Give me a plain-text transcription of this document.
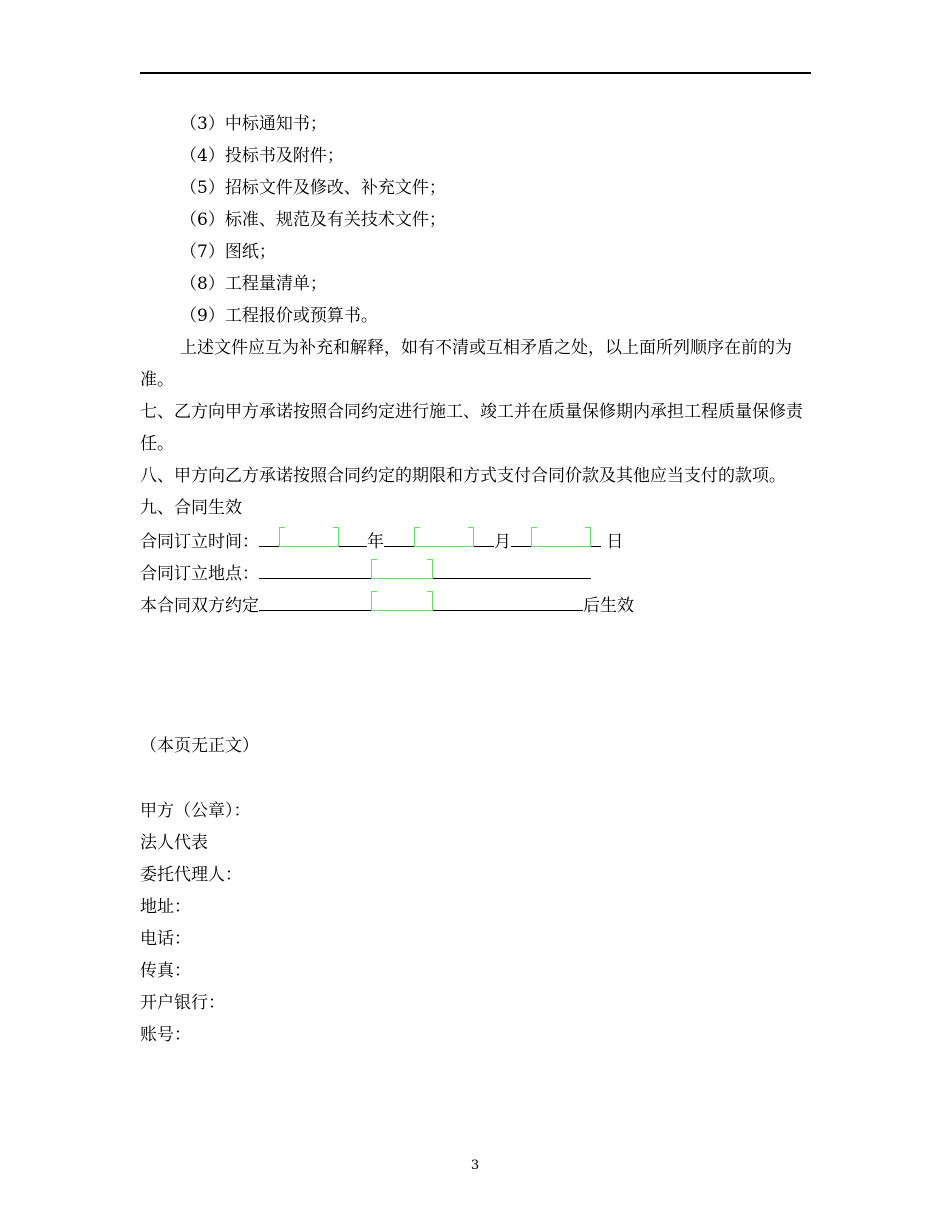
（3）中标通知书；
（4）投标书及附件；
（5）招标文件及修改、补充文件；
（6）标准、规范及有关技术文件；
（7）图纸；
（8）工程量清单；
（9）工程报价或预算书。
上述文件应互为补充和解释，如有不清或互相矛盾之处，以上面所列顺序在前的为准。
七、乙方向甲方承诺按照合同约定进行施工、竣工并在质量保修期内承担工程质量保修责任。
八、甲方向乙方承诺按照合同约定的期限和方式支付合同价款及其他应当支付的款项。
九、合同生效
合同订立时间：	年	月	日
合同订立地点：
本合同双方约定	后生效
（本页无正文）
甲方（公章）：
法人代表
委托代理人：
地址：
电话：
传真：
开户银行：
账号：
3
